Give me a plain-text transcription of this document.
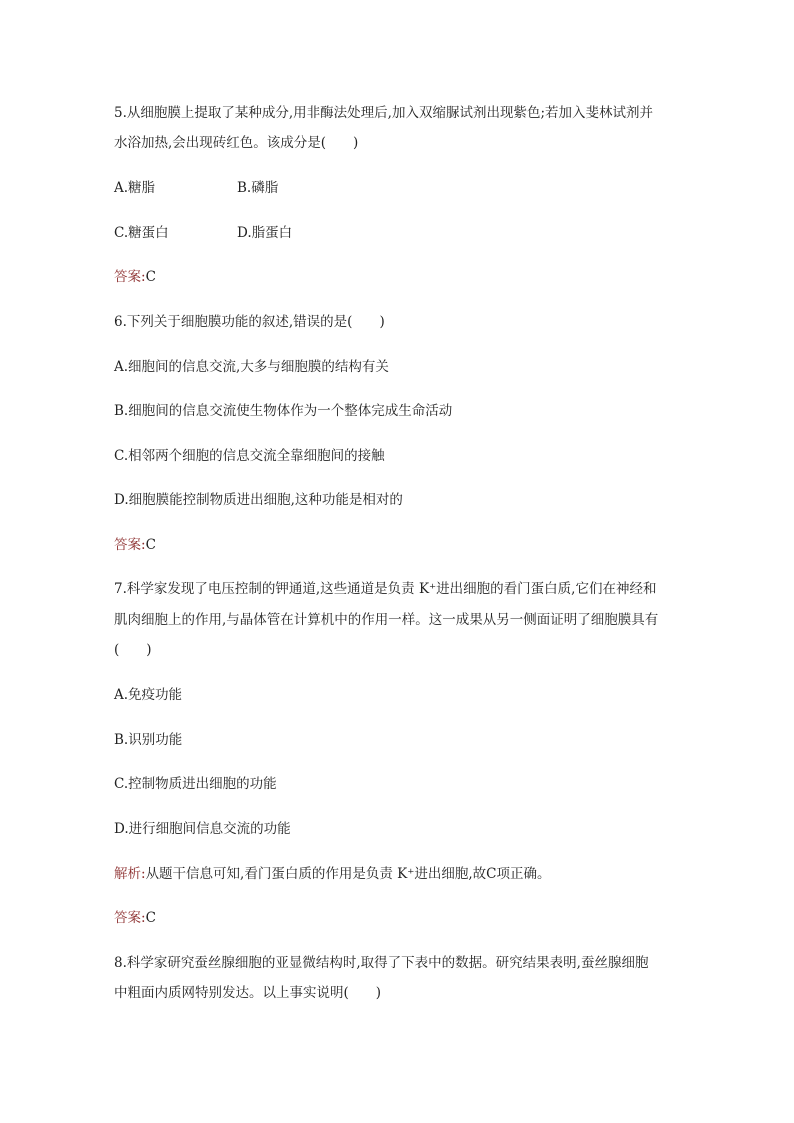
5.从细胞膜上提取了某种成分,用非酶法处理后,加入双缩脲试剂出现紫色;若加入斐林试剂并
水浴加热,会出现砖红色。该成分是(　　)
A.糖脂	B.磷脂
C.糖蛋白	D.脂蛋白
答案:C
6.下列关于细胞膜功能的叙述,错误的是(　　)
A.细胞间的信息交流,大多与细胞膜的结构有关
B.细胞间的信息交流使生物体作为一个整体完成生命活动
C.相邻两个细胞的信息交流全靠细胞间的接触
D.细胞膜能控制物质进出细胞,这种功能是相对的
答案:C
7.科学家发现了电压控制的钾通道,这些通道是负责 K⁺进出细胞的看门蛋白质,它们在神经和
肌肉细胞上的作用,与晶体管在计算机中的作用一样。这一成果从另一侧面证明了细胞膜具有
(　　)
A.免疫功能
B.识别功能
C.控制物质进出细胞的功能
D.进行细胞间信息交流的功能
解析:从题干信息可知,看门蛋白质的作用是负责 K⁺进出细胞,故C项正确。
答案:C
8.科学家研究蚕丝腺细胞的亚显微结构时,取得了下表中的数据。研究结果表明,蚕丝腺细胞
中粗面内质网特别发达。以上事实说明(　　)
